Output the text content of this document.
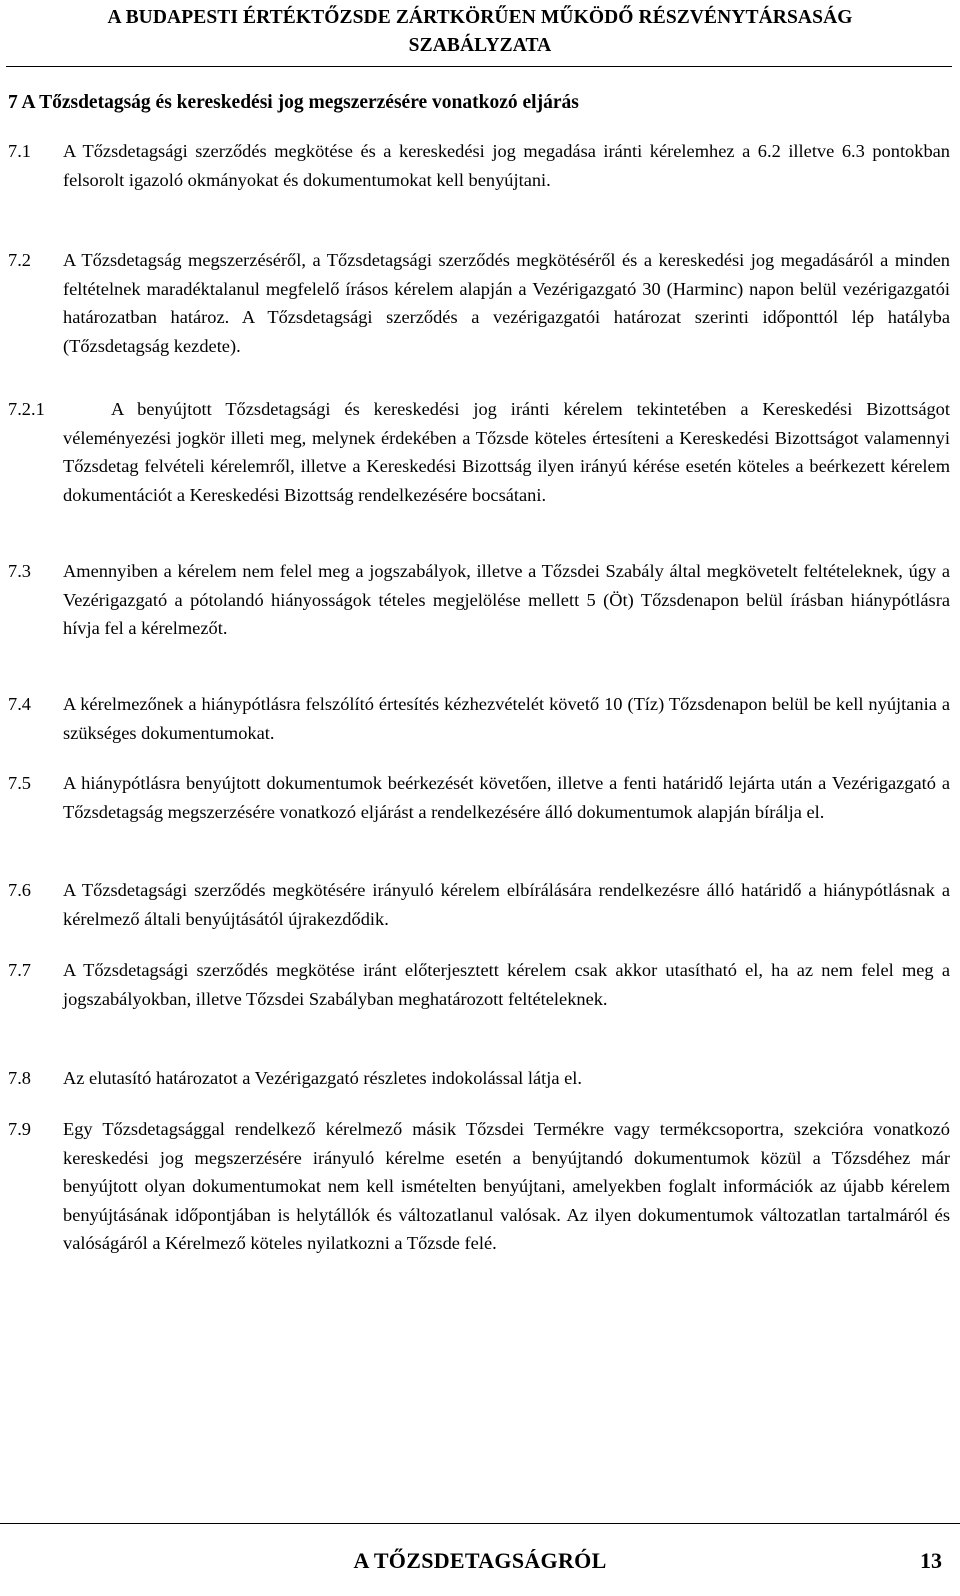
A BUDAPESTI ÉRTÉKTŐZSDE ZÁRTKÖRŰEN MŰKÖDŐ RÉSZVÉNYTÁRSASÁG
SZABÁLYZATA
7 A Tőzsdetagság és kereskedési jog megszerzésére vonatkozó eljárás
7.1 A Tőzsdetagsági szerződés megkötése és a kereskedési jog megadása iránti kérelemhez a 6.2 illetve 6.3 pontokban felsorolt igazoló okmányokat és dokumentumokat kell benyújtani.
7.2 A Tőzsdetagság megszerzéséről, a Tőzsdetagsági szerződés megkötéséről és a kereskedési jog megadásáról a minden feltételnek maradéktalanul megfelelő írásos kérelem alapján a Vezérigazgató 30 (Harminc) napon belül vezérigazgatói határozatban határoz. A Tőzsdetagsági szerződés a vezérigazgatói határozat szerinti időponttól lép hatályba (Tőzsdetagság kezdete).
7.2.1	A benyújtott Tőzsdetagsági és kereskedési jog iránti kérelem tekintetében a Kereskedési Bizottságot véleményezési jogkör illeti meg, melynek érdekében a Tőzsde köteles értesíteni a Kereskedési Bizottságot valamennyi Tőzsdetag felvételi kérelemről, illetve a Kereskedési Bizottság ilyen irányú kérése esetén köteles a beérkezett kérelem dokumentációt a Kereskedési Bizottság rendelkezésére bocsátani.
7.3 Amennyiben a kérelem nem felel meg a jogszabályok, illetve a Tőzsdei Szabály által megkövetelt feltételeknek, úgy a Vezérigazgató a pótolandó hiányosságok tételes megjelölése mellett 5 (Öt) Tőzsdenapon belül írásban hiánypótlásra hívja fel a kérelmezőt.
7.4 A kérelmezőnek a hiánypótlásra felszólító értesítés kézhezvételét követő 10 (Tíz) Tőzsdenapon belül be kell nyújtania a szükséges dokumentumokat.
7.5 A hiánypótlásra benyújtott dokumentumok beérkezését követően, illetve a fenti határidő lejárta után a Vezérigazgató a Tőzsdetagság megszerzésére vonatkozó eljárást a rendelkezésére álló dokumentumok alapján bírálja el.
7.6 A Tőzsdetagsági szerződés megkötésére irányuló kérelem elbírálására rendelkezésre álló határidő a hiánypótlásnak a kérelmező általi benyújtásától újrakezdődik.
7.7 A Tőzsdetagsági szerződés megkötése iránt előterjesztett kérelem csak akkor utasítható el, ha az nem felel meg a jogszabályokban, illetve Tőzsdei Szabályban meghatározott feltételeknek.
7.8 Az elutasító határozatot a Vezérigazgató részletes indokolással látja el.
7.9 Egy Tőzsdetagsággal rendelkező kérelmező másik Tőzsdei Termékre vagy termékcsoportra, szekcióra vonatkozó kereskedési jog megszerzésére irányuló kérelme esetén a benyújtandó dokumentumok közül a Tőzsdéhez már benyújtott olyan dokumentumokat nem kell ismételten benyújtani, amelyekben foglalt információk az újabb kérelem benyújtásának időpontjában is helytállók és változatlanul valósak. Az ilyen dokumentumok változatlan tartalmáról és valóságáról a Kérelmező köteles nyilatkozni a Tőzsde felé.
A TŐZSDETAGSÁGRÓL	13
